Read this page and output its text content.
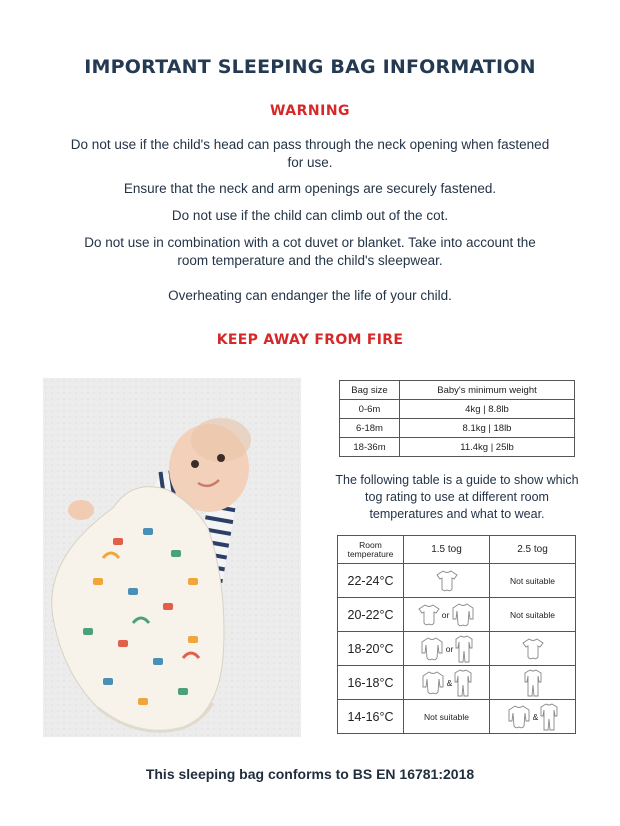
IMPORTANT SLEEPING BAG INFORMATION
WARNING

Do not use if the child's head can pass through the neck opening when fastened for use.

Ensure that the neck and arm openings are securely fastened.

Do not use if the child can climb out of the cot.

Do not use in combination with a cot duvet or blanket. Take into account the room temperature and the child's sleepwear.

Overheating can endanger the life of your child.

KEEP AWAY FROM FIRE
Bag size	Baby's minimum weight
0-6m	4kg | 8.8lb
6-18m	8.1kg | 18lb
18-36m	11.4kg | 25lb

The following table is a guide to show which tog rating to use at different room temperatures and what to wear.

Room temperature	1.5 tog	2.5 tog
22-24°C		Not suitable
20-22°C	or	Not suitable
18-20°C	or	
16-18°C	&	
14-16°C	Not suitable	&
This sleeping bag conforms to BS EN 16781:2018
